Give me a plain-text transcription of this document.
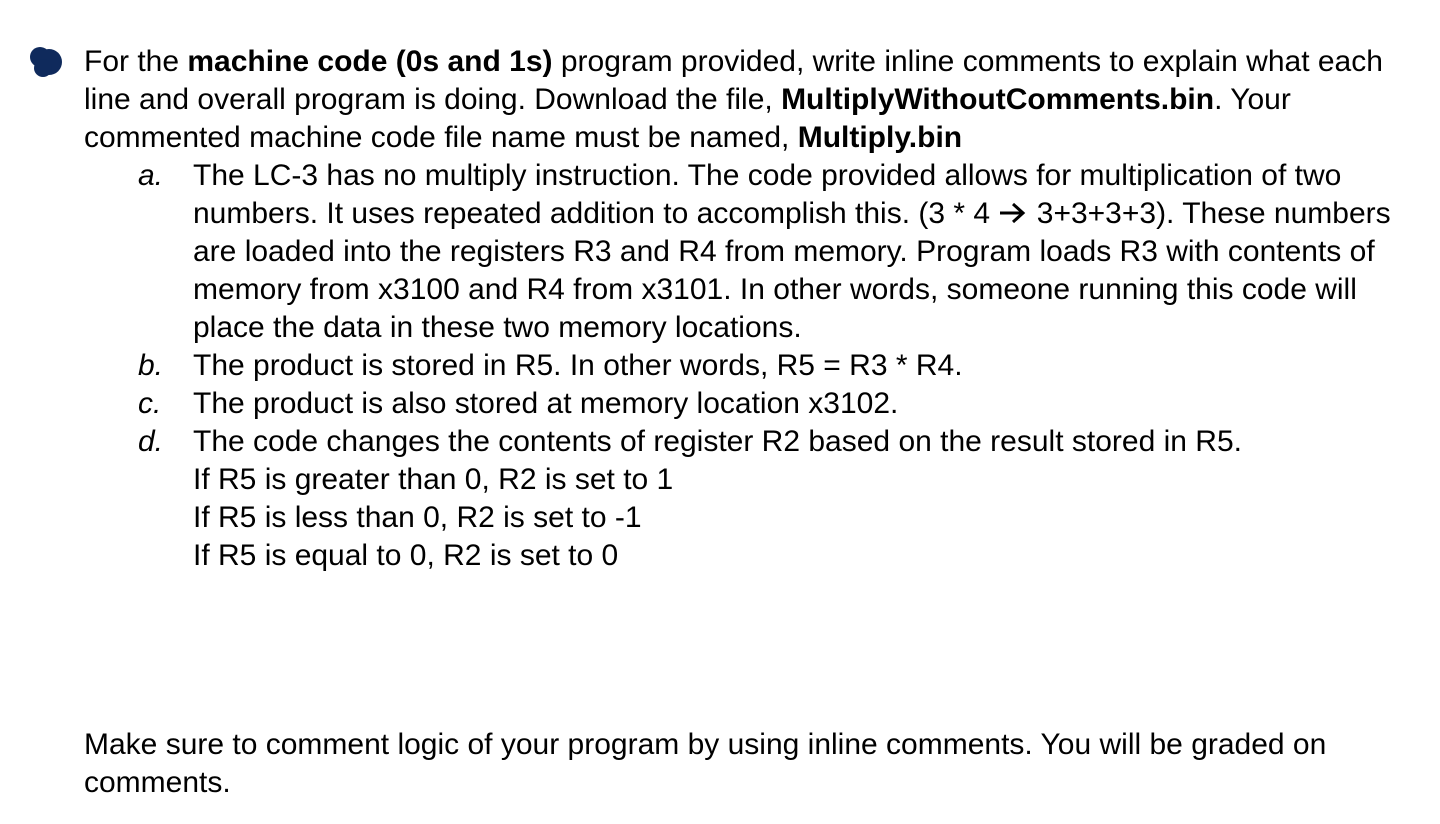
For the machine code (0s and 1s) program provided, write inline comments to explain what each line and overall program is doing. Download the file, MultiplyWithoutComments.bin. Your commented machine code file name must be named, Multiply.bin

a. The LC-3 has no multiply instruction. The code provided allows for multiplication of two numbers. It uses repeated addition to accomplish this. (3 * 4  3+3+3+3). These numbers are loaded into the registers R3 and R4 from memory. Program loads R3 with contents of memory from x3100 and R4 from x3101. In other words, someone running this code will place the data in these two memory locations.
b. The product is stored in R5. In other words, R5 = R3 * R4.
c. The product is also stored at memory location x3102.
d. The code changes the contents of register R2 based on the result stored in R5.
If R5 is greater than 0, R2 is set to 1
If R5 is less than 0, R2 is set to -1
If R5 is equal to 0, R2 is set to 0

Make sure to comment logic of your program by using inline comments. You will be graded on comments.
